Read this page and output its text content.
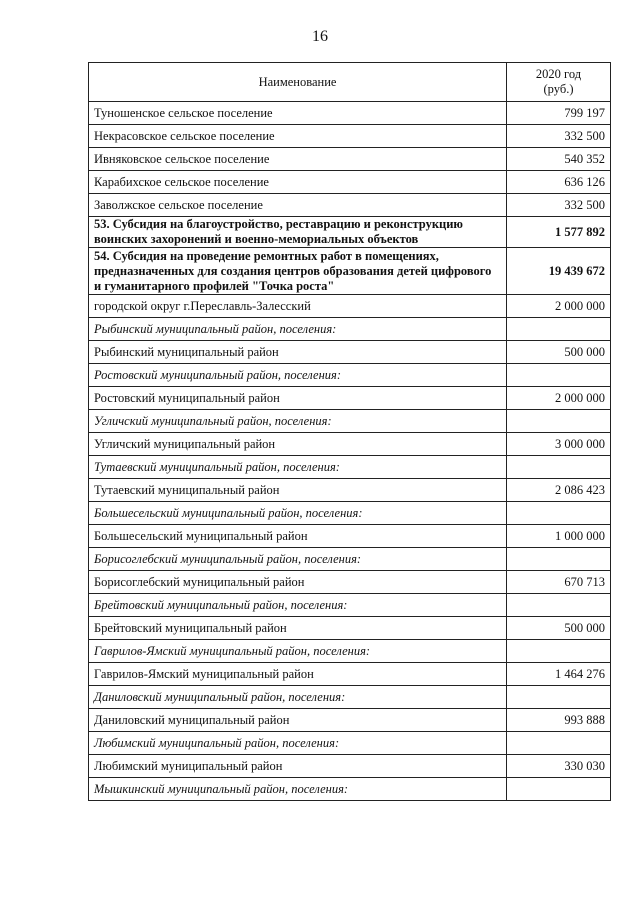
16
Наименование	2020 год
(руб.)

Туношенское сельское поселение	799 197
Некрасовское сельское поселение	332 500
Ивняковское сельское поселение	540 352
Карабихское сельское поселение	636 126
Заволжское сельское поселение	332 500
53. Субсидия на благоустройство, реставрацию и реконструкцию воинских захоронений и военно-мемориальных объектов	1 577 892
54. Субсидия на проведение ремонтных работ в помещениях, предназначенных для создания центров образования детей цифрового и гуманитарного профилей "Точка роста"	19 439 672
городской округ г.Переславль-Залесский	2 000 000
Рыбинский муниципальный район, поселения:	
Рыбинский муниципальный район	500 000
Ростовский муниципальный район, поселения:	
Ростовский муниципальный район	2 000 000
Угличский муниципальный район, поселения:	
Угличский муниципальный район	3 000 000
Тутаевский муниципальный район, поселения:	
Тутаевский муниципальный район	2 086 423
Большесельский муниципальный район, поселения:	
Большесельский муниципальный район	1 000 000
Борисоглебский муниципальный район, поселения:	
Борисоглебский муниципальный район	670 713
Брейтовский муниципальный район, поселения:	
Брейтовский муниципальный район	500 000
Гаврилов-Ямский муниципальный район, поселения:	
Гаврилов-Ямский муниципальный район	1 464 276
Даниловский муниципальный район, поселения:	
Даниловский муниципальный район	993 888
Любимский муниципальный район, поселения:	
Любимский муниципальный район	330 030
Мышкинский муниципальный район, поселения:	
